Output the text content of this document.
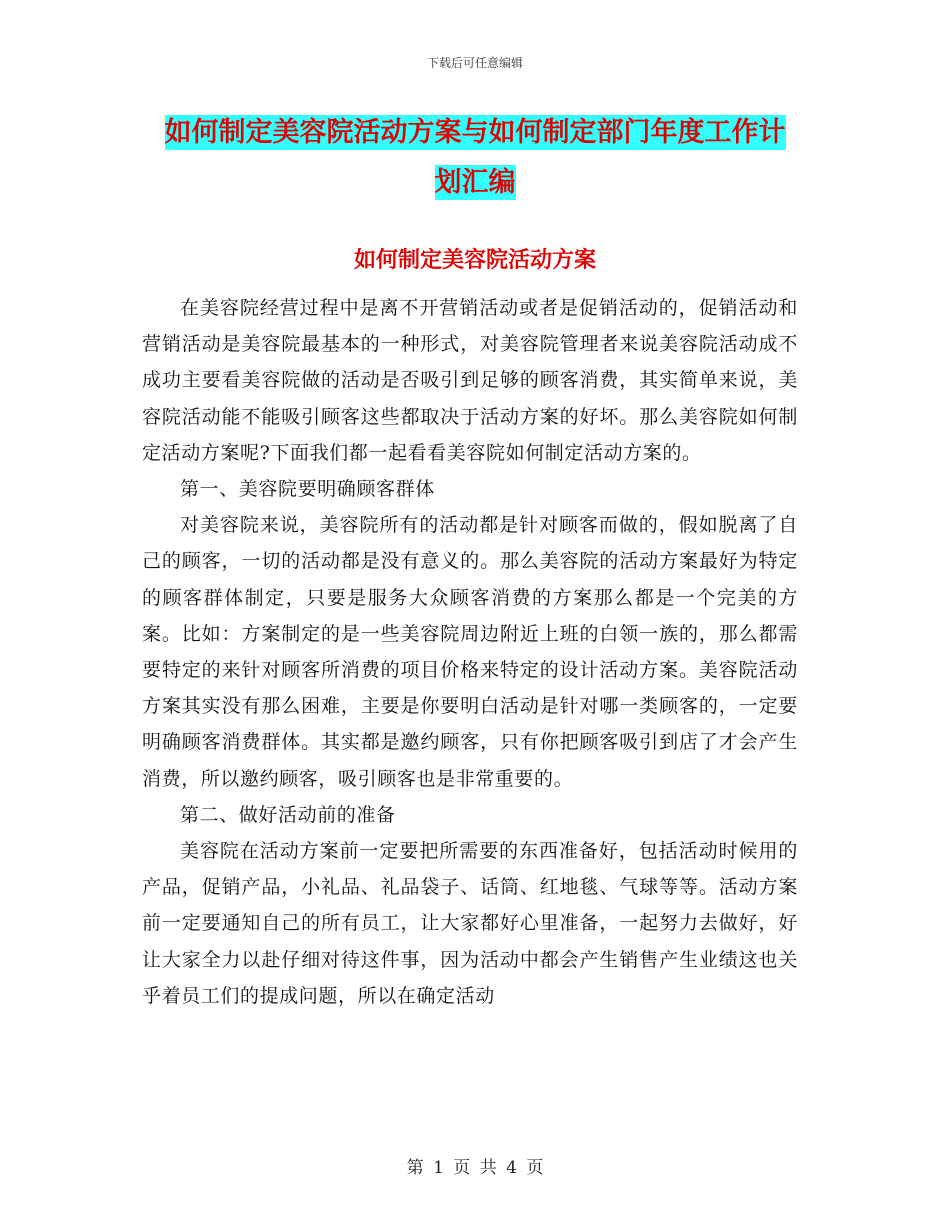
下载后可任意编辑
如何制定美容院活动方案与如何制定部门年度工作计
划汇编
如何制定美容院活动方案

在美容院经营过程中是离不开营销活动或者是促销活动的，促销活动和营销活动是美容院最基本的一种形式，对美容院管理者来说美容院活动成不成功主要看美容院做的活动是否吸引到足够的顾客消费，其实简单来说，美容院活动能不能吸引顾客这些都取决于活动方案的好坏。那么美容院如何制定活动方案呢?下面我们都一起看看美容院如何制定活动方案的。

第一、美容院要明确顾客群体

对美容院来说，美容院所有的活动都是针对顾客而做的，假如脱离了自己的顾客，一切的活动都是没有意义的。那么美容院的活动方案最好为特定的顾客群体制定，只要是服务大众顾客消费的方案那么都是一个完美的方案。比如：方案制定的是一些美容院周边附近上班的白领一族的，那么都需要特定的来针对顾客所消费的项目价格来特定的设计活动方案。美容院活动方案其实没有那么困难，主要是你要明白活动是针对哪一类顾客的，一定要明确顾客消费群体。其实都是邀约顾客，只有你把顾客吸引到店了才会产生消费，所以邀约顾客，吸引顾客也是非常重要的。

第二、做好活动前的准备

美容院在活动方案前一定要把所需要的东西准备好，包括活动时候用的产品，促销产品，小礼品、礼品袋子、话筒、红地毯、气球等等。活动方案前一定要通知自己的所有员工，让大家都好心里准备，一起努力去做好，好让大家全力以赴仔细对待这件事，因为活动中都会产生销售产生业绩这也关乎着员工们的提成问题，所以在确定活动

第 1 页 共 4 页
